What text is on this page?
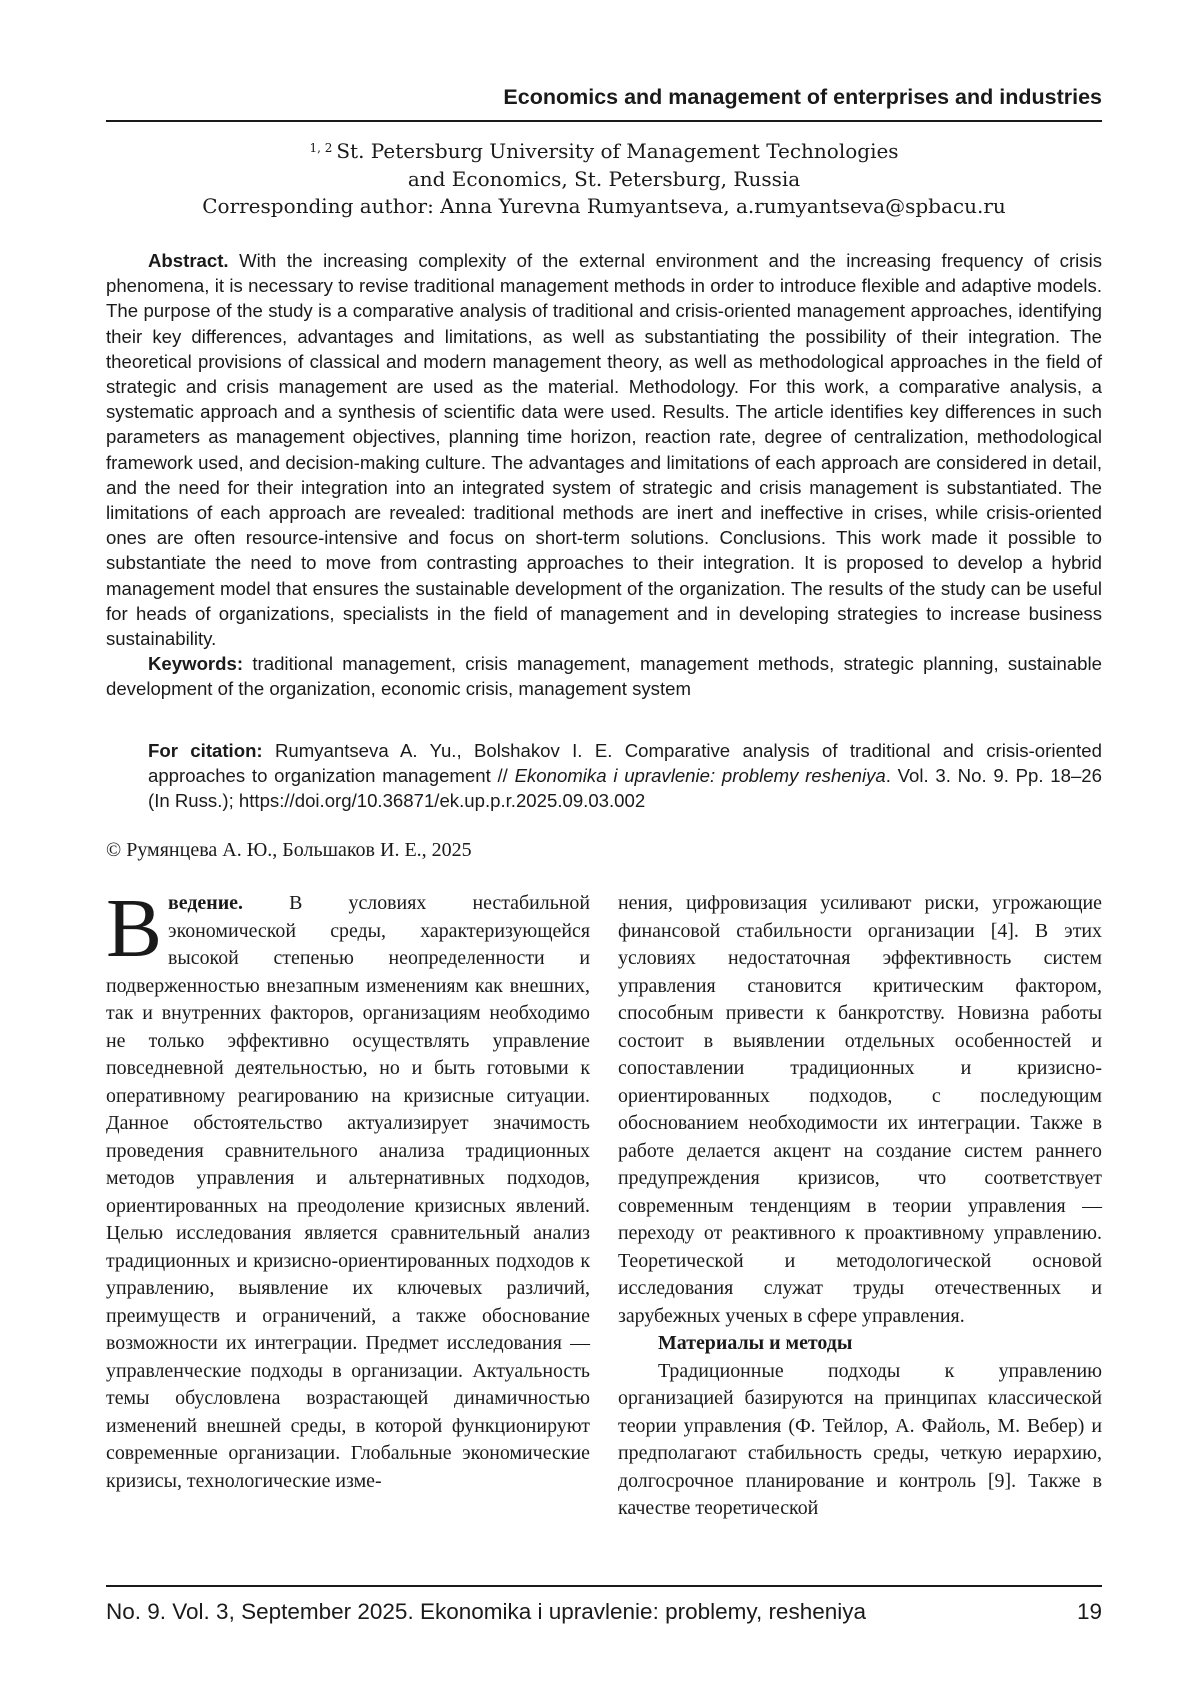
Economics and management of enterprises and industries
$^{1, 2}$ St. Petersburg University of Management Technologies
and Economics, St. Petersburg, Russia
Corresponding author: Anna Yurevna Rumyantseva, a.rumyantseva@spbacu.ru

Abstract. With the increasing complexity of the external environment and the increasing frequency of crisis phenomena, it is necessary to revise traditional management methods in order to introduce flexible and adaptive models. The purpose of the study is a comparative analysis of traditional and crisis-oriented management approaches, identifying their key differences, advantages and limitations, as well as substantiating the possibility of their integration. The theoretical provisions of classical and modern management theory, as well as methodological approaches in the field of strategic and crisis management are used as the material. Methodology. For this work, a comparative analysis, a systematic approach and a synthesis of scientific data were used. Results. The article identifies key differences in such parameters as management objectives, planning time horizon, reaction rate, degree of centralization, methodological framework used, and decision-making culture. The advantages and limitations of each approach are considered in detail, and the need for their integration into an integrated system of strategic and crisis management is substantiated. The limitations of each approach are revealed: traditional methods are inert and ineffective in crises, while crisis-oriented ones are often resource-intensive and focus on short-term solutions. Conclusions. This work made it possible to substantiate the need to move from contrasting approaches to their integration. It is proposed to develop a hybrid management model that ensures the sustainable development of the organization. The results of the study can be useful for heads of organizations, specialists in the field of management and in developing strategies to increase business sustainability.

Keywords: traditional management, crisis management, management methods, strategic planning, sustainable development of the organization, economic crisis, management system

For citation: Rumyantseva A. Yu., Bolshakov I. E. Comparative analysis of traditional and crisis-oriented approaches to organization management // Ekonomika i upravlenie: problemy resheniya. Vol. 3. No. 9. Pp. 18–26 (In Russ.); https://doi.org/10.36871/ek.up.p.r.2025.09.03.002
© Румянцева А. Ю., Большаков И. Е., 2025

Введение. В условиях нестабильной экономической среды, характеризующейся высокой степенью неопределенности и подверженностью внезапным изменениям как внешних, так и внутренних факторов, организациям необходимо не только эффективно осуществлять управление повседневной деятельностью, но и быть готовыми к оперативному реагированию на кризисные ситуации. Данное обстоятельство актуализирует значимость проведения сравнительного анализа традиционных методов управления и альтернативных подходов, ориентированных на преодоление кризисных явлений. Целью исследования является сравнительный анализ традиционных и кризисно-ориентированных подходов к управлению, выявление их ключевых различий, преимуществ и ограничений, а также обоснование возможности их интеграции. Предмет исследования — управленческие подходы в организации. Актуальность темы обусловлена возрастающей динамичностью изменений внешней среды, в которой функционируют современные организации. Глобальные экономические кризисы, технологические изме-

нения, цифровизация усиливают риски, угрожающие финансовой стабильности организации [4]. В этих условиях недостаточная эффективность систем управления становится критическим фактором, способным привести к банкротству. Новизна работы состоит в выявлении отдельных особенностей и сопоставлении традиционных и кризисно-ориентированных подходов, с последующим обоснованием необходимости их интеграции. Также в работе делается акцент на создание систем раннего предупреждения кризисов, что соответствует современным тенденциям в теории управления — переходу от реактивного к проактивному управлению. Теоретической и методологической основой исследования служат труды отечественных и зарубежных ученых в сфере управления.

Материалы и методы

Традиционные подходы к управлению организацией базируются на принципах классической теории управления (Ф. Тейлор, А. Файоль, М. Вебер) и предполагают стабильность среды, четкую иерархию, долгосрочное планирование и контроль [9]. Также в качестве теоретической

No. 9. Vol. 3, September 2025. Ekonomika i upravlenie: problemy, resheniya	19
